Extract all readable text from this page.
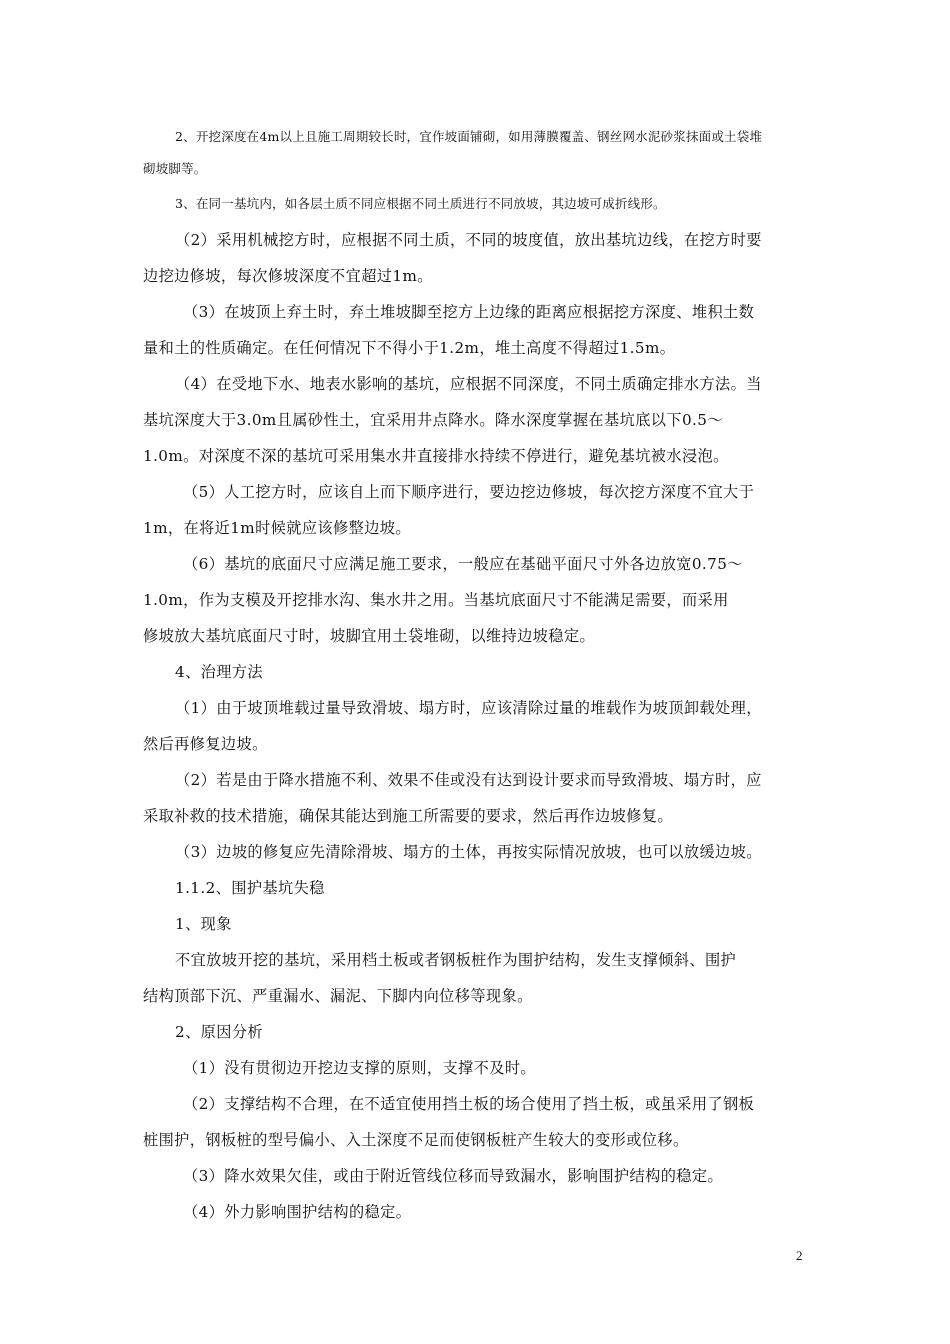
2、开挖深度在4m以上且施工周期较长时，宜作坡面铺砌，如用薄膜覆盖、钢丝网水泥砂浆抹面或土袋堆
砌坡脚等。
3、在同一基坑内，如各层土质不同应根据不同土质进行不同放坡，其边坡可成折线形。
（2）采用机械挖方时，应根据不同土质，不同的坡度值，放出基坑边线，在挖方时要
边挖边修坡，每次修坡深度不宜超过1m。
（3）在坡顶上弃土时，弃土堆坡脚至挖方上边缘的距离应根据挖方深度、堆积土数
量和土的性质确定。在任何情况下不得小于1.2m，堆土高度不得超过1.5m。
（4）在受地下水、地表水影响的基坑，应根据不同深度，不同土质确定排水方法。当
基坑深度大于3.0m且属砂性土，宜采用井点降水。降水深度掌握在基坑底以下0.5～
1.0m。对深度不深的基坑可采用集水井直接排水持续不停进行，避免基坑被水浸泡。
（5）人工挖方时，应该自上而下顺序进行，要边挖边修坡，每次挖方深度不宜大于
1m，在将近1m时候就应该修整边坡。
（6）基坑的底面尺寸应满足施工要求，一般应在基础平面尺寸外各边放宽0.75～
1.0m，作为支模及开挖排水沟、集水井之用。当基坑底面尺寸不能满足需要，而采用
修坡放大基坑底面尺寸时，坡脚宜用土袋堆砌，以维持边坡稳定。
4、治理方法
（1）由于坡顶堆载过量导致滑坡、塌方时，应该清除过量的堆载作为坡顶卸载处理，
然后再修复边坡。
（2）若是由于降水措施不利、效果不佳或没有达到设计要求而导致滑坡、塌方时，应
采取补救的技术措施，确保其能达到施工所需要的要求，然后再作边坡修复。
（3）边坡的修复应先清除滑坡、塌方的土体，再按实际情况放坡，也可以放缓边坡。
1.1.2、围护基坑失稳
1、现象
不宜放坡开挖的基坑，采用档土板或者钢板桩作为围护结构，发生支撑倾斜、围护
结构顶部下沉、严重漏水、漏泥、下脚内向位移等现象。
2、原因分析
（1）没有贯彻边开挖边支撑的原则，支撑不及时。
（2）支撑结构不合理，在不适宜使用挡土板的场合使用了挡土板，或虽采用了钢板
桩围护，钢板桩的型号偏小、入土深度不足而使钢板桩产生较大的变形或位移。
（3）降水效果欠佳，或由于附近管线位移而导致漏水，影响围护结构的稳定。
（4）外力影响围护结构的稳定。
2
